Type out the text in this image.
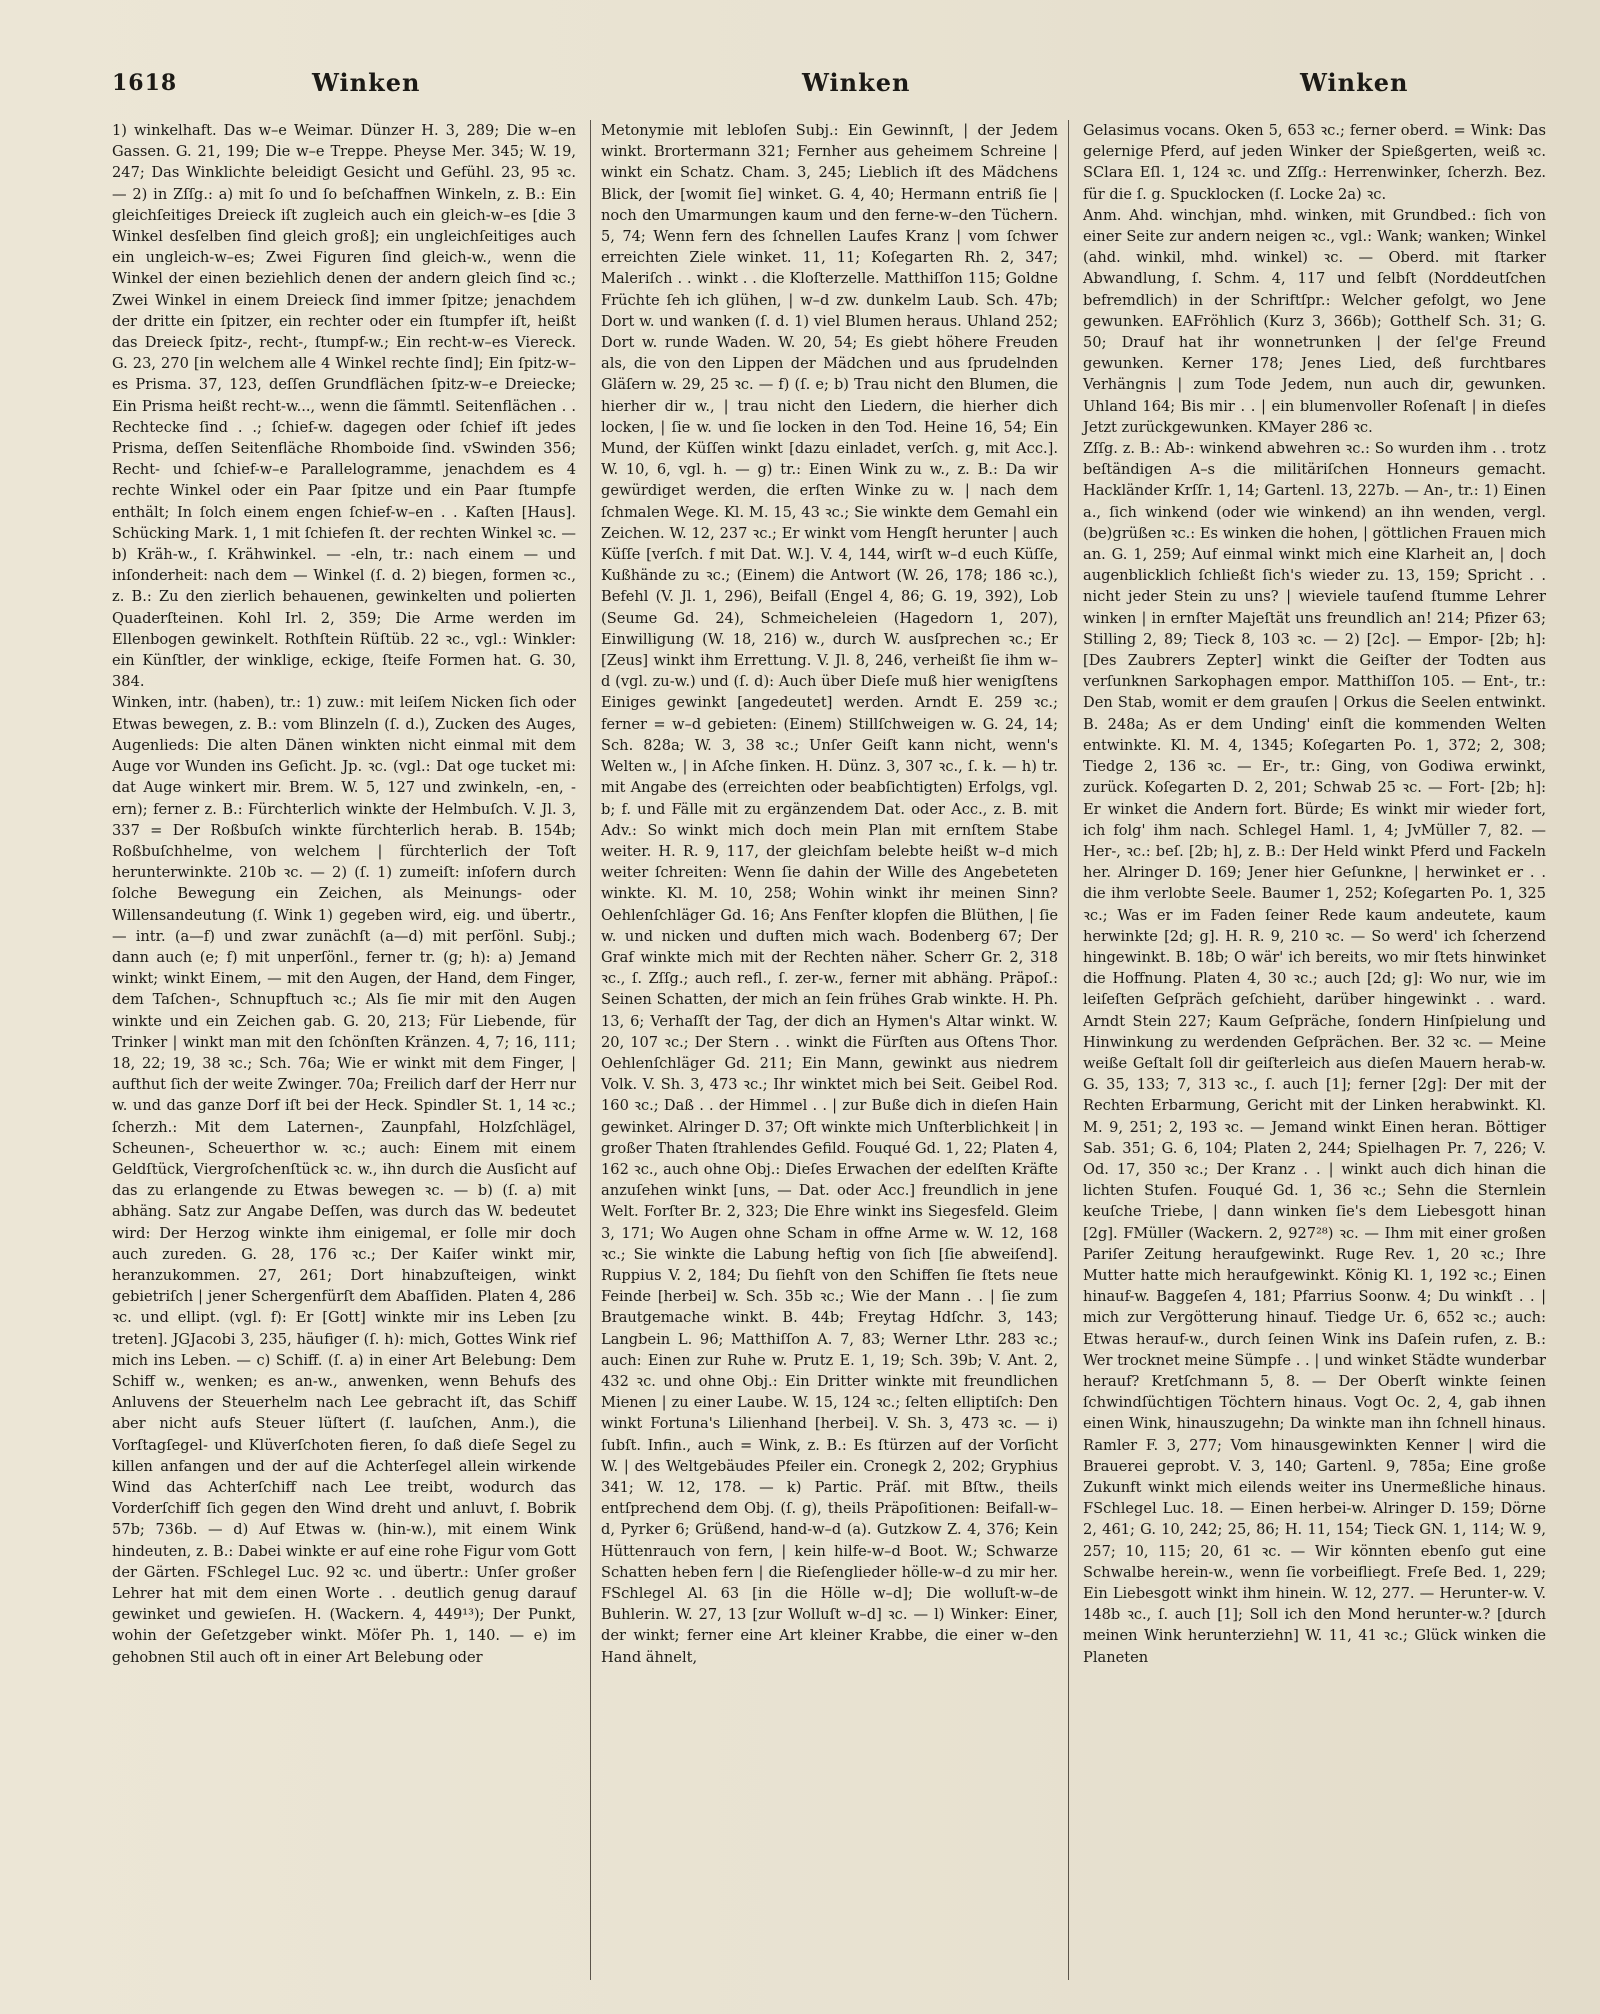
1618	Winken	Winken	Winken

1) winkelhaft. Das w–e Weimar. Dünzer H. 3, 289; Die w–en Gassen. G. 21, 199; Die w–e Treppe. Pheyse Mer. 345; W. 19, 247; Das Winklichte beleidigt Gesicht und Gefühl. 23, 95 ꝛc. — 2) in Zſſg.: a) mit ſo und ſo beſchaffnen Winkeln, z. B.: Ein gleichſeitiges Dreieck iſt zugleich auch ein gleich-w–es [die 3 Winkel desſelben ſind gleich groß]; ein ungleichſeitiges auch ein ungleich-w–es; Zwei Figuren ſind gleich-w., wenn die Winkel der einen beziehlich denen der andern gleich ſind ꝛc.; Zwei Winkel in einem Dreieck ſind immer ſpitze; jenachdem der dritte ein ſpitzer, ein rechter oder ein ſtumpfer iſt, heißt das Dreieck ſpitz-, recht-, ſtumpf-w.; Ein recht-w–es Viereck. G. 23, 270 [in welchem alle 4 Winkel rechte ſind]; Ein ſpitz-w–es Prisma. 37, 123, deſſen Grundflächen ſpitz-w–e Dreiecke; Ein Prisma heißt recht-w..., wenn die ſämmtl. Seitenflächen . . Rechtecke ſind . .; ſchief-w. dagegen oder ſchief iſt jedes Prisma, deſſen Seitenfläche Rhomboide ſind. vSwinden 356; Recht- und ſchief-w–e Parallelogramme, jenachdem es 4 rechte Winkel oder ein Paar ſpitze und ein Paar ſtumpfe enthält; In ſolch einem engen ſchief-w–en . . Kaſten [Haus]. Schücking Mark. 1, 1 mit ſchiefen ſt. der rechten Winkel ꝛc. — b) Kräh-w., ſ. Krähwinkel. — -eln, tr.: nach einem — und inſonderheit: nach dem — Winkel (ſ. d. 2) biegen, formen ꝛc., z. B.: Zu den zierlich behauenen, gewinkelten und polierten Quaderſteinen. Kohl Irl. 2, 359; Die Arme werden im Ellenbogen gewinkelt. Rothſtein Rüſtüb. 22 ꝛc., vgl.: Winkler: ein Künſtler, der winklige, eckige, ſteife Formen hat. G. 30, 384.

Winken, intr. (haben), tr.: 1) zuw.: mit leiſem Nicken ſich oder Etwas bewegen, z. B.: vom Blinzeln (ſ. d.), Zucken des Auges, Augenlieds: Die alten Dänen winkten nicht einmal mit dem Auge vor Wunden ins Geſicht. Jp. ꝛc. (vgl.: Dat oge tucket mi: dat Auge winkert mir. Brem. W. 5, 127 und zwinkeln, -en, -ern); ferner z. B.: Fürchterlich winkte der Helmbuſch. V. Jl. 3, 337 = Der Roßbuſch winkte fürchterlich herab. B. 154b; Roßbuſchhelme, von welchem | fürchterlich der Toſt herunterwinkte. 210b ꝛc. — 2) (ſ. 1) zumeiſt: inſofern durch ſolche Bewegung ein Zeichen, als Meinungs- oder Willensandeutung (ſ. Wink 1) gegeben wird, eig. und übertr., — intr. (a—f) und zwar zunächſt (a—d) mit perſönl. Subj.; dann auch (e; f) mit unperſönl., ferner tr. (g; h): a) Jemand winkt; winkt Einem, — mit den Augen, der Hand, dem Finger, dem Taſchen-, Schnupftuch ꝛc.; Als ſie mir mit den Augen winkte und ein Zeichen gab. G. 20, 213; Für Liebende, für Trinker | winkt man mit den ſchönſten Kränzen. 4, 7; 16, 111; 18, 22; 19, 38 ꝛc.; Sch. 76a; Wie er winkt mit dem Finger, | aufthut ſich der weite Zwinger. 70a; Freilich darf der Herr nur w. und das ganze Dorf iſt bei der Heck. Spindler St. 1, 14 ꝛc.; ſcherzh.: Mit dem Laternen-, Zaunpfahl, Holzſchlägel, Scheunen-, Scheuerthor w. ꝛc.; auch: Einem mit einem Geldſtück, Viergroſchenſtück ꝛc. w., ihn durch die Ausſicht auf das zu erlangende zu Etwas bewegen ꝛc. — b) (ſ. a) mit abhäng. Satz zur Angabe Deſſen, was durch das W. bedeutet wird: Der Herzog winkte ihm einigemal, er ſolle mir doch auch zureden. G. 28, 176 ꝛc.; Der Kaiſer winkt mir, heranzukommen. 27, 261; Dort hinabzuſteigen, winkt gebietriſch | jener Schergenfürſt dem Abaſſiden. Platen 4, 286 ꝛc. und ellipt. (vgl. f): Er [Gott] winkte mir ins Leben [zu treten]. JGJacobi 3, 235, häufiger (ſ. h): mich, Gottes Wink rief mich ins Leben. — c) Schiff. (ſ. a) in einer Art Belebung: Dem Schiff w., wenken; es an-w., anwenken, wenn Behufs des Anluvens der Steuerhelm nach Lee gebracht iſt, das Schiff aber nicht aufs Steuer lüſtert (ſ. lauſchen, Anm.), die Vorſtagſegel- und Klüverſchoten fieren, ſo daß dieſe Segel zu killen anfangen und der auf die Achterſegel allein wirkende Wind das Achterſchiff nach Lee treibt, wodurch das Vorderſchiff ſich gegen den Wind dreht und anluvt, ſ. Bobrik 57b; 736b. — d) Auf Etwas w. (hin-w.), mit einem Wink hindeuten, z. B.: Dabei winkte er auf eine rohe Figur vom Gott der Gärten. FSchlegel Luc. 92 ꝛc. und übertr.: Unſer großer Lehrer hat mit dem einen Worte . . deutlich genug darauf gewinket und gewieſen. H. (Wackern. 4, 449¹³); Der Punkt, wohin der Geſetzgeber winkt. Möſer Ph. 1, 140. — e) im gehobnen Stil auch oft in einer Art Belebung oder

Metonymie mit lebloſen Subj.: Ein Gewinnſt, | der Jedem winkt. Brortermann 321; Fernher aus geheimem Schreine | winkt ein Schatz. Cham. 3, 245; Lieblich iſt des Mädchens Blick, der [womit ſie] winket. G. 4, 40; Hermann entriß ſie | noch den Umarmungen kaum und den ferne-w–den Tüchern. 5, 74; Wenn fern des ſchnellen Laufes Kranz | vom ſchwer erreichten Ziele winket. 11, 11; Koſegarten Rh. 2, 347; Maleriſch . . winkt . . die Kloſterzelle. Matthiſſon 115; Goldne Früchte ſeh ich glühen, | w–d zw. dunkelm Laub. Sch. 47b; Dort w. und wanken (ſ. d. 1) viel Blumen heraus. Uhland 252; Dort w. runde Waden. W. 20, 54; Es giebt höhere Freuden als, die von den Lippen der Mädchen und aus ſprudelnden Gläſern w. 29, 25 ꝛc. — f) (ſ. e; b) Trau nicht den Blumen, die hierher dir w., | trau nicht den Liedern, die hierher dich locken, | ſie w. und ſie locken in den Tod. Heine 16, 54; Ein Mund, der Küſſen winkt [dazu einladet, verſch. g, mit Acc.]. W. 10, 6, vgl. h. — g) tr.: Einen Wink zu w., z. B.: Da wir gewürdiget werden, die erſten Winke zu w. | nach dem ſchmalen Wege. Kl. M. 15, 43 ꝛc.; Sie winkte dem Gemahl ein Zeichen. W. 12, 237 ꝛc.; Er winkt vom Hengſt herunter | auch Küſſe [verſch. f mit Dat. W.]. V. 4, 144, wirſt w–d euch Küſſe, Kußhände zu ꝛc.; (Einem) die Antwort (W. 26, 178; 186 ꝛc.), Befehl (V. Jl. 1, 296), Beifall (Engel 4, 86; G. 19, 392), Lob (Seume Gd. 24), Schmeicheleien (Hagedorn 1, 207), Einwilligung (W. 18, 216) w., durch W. ausſprechen ꝛc.; Er [Zeus] winkt ihm Errettung. V. Jl. 8, 246, verheißt ſie ihm w–d (vgl. zu-w.) und (ſ. d): Auch über Dieſe muß hier wenigſtens Einiges gewinkt [angedeutet] werden. Arndt E. 259 ꝛc.; ferner = w–d gebieten: (Einem) Stillſchweigen w. G. 24, 14; Sch. 828a; W. 3, 38 ꝛc.; Unſer Geiſt kann nicht, wenn's Welten w., | in Aſche ſinken. H. Dünz. 3, 307 ꝛc., ſ. k. — h) tr. mit Angabe des (erreichten oder beabſichtigten) Erfolgs, vgl. b; f. und Fälle mit zu ergänzendem Dat. oder Acc., z. B. mit Adv.: So winkt mich doch mein Plan mit ernſtem Stabe weiter. H. R. 9, 117, der gleichſam belebte heißt w–d mich weiter ſchreiten: Wenn ſie dahin der Wille des Angebeteten winkte. Kl. M. 10, 258; Wohin winkt ihr meinen Sinn? Oehlenſchläger Gd. 16; Ans Fenſter klopfen die Blüthen, | ſie w. und nicken und duften mich wach. Bodenberg 67; Der Graf winkte mich mit der Rechten näher. Scherr Gr. 2, 318 ꝛc., ſ. Zſſg.; auch refl., ſ. zer-w., ferner mit abhäng. Präpoſ.: Seinen Schatten, der mich an ſein frühes Grab winkte. H. Ph. 13, 6; Verhaſſt der Tag, der dich an Hymen's Altar winkt. W. 20, 107 ꝛc.; Der Stern . . winkt die Fürſten aus Oſtens Thor. Oehlenſchläger Gd. 211; Ein Mann, gewinkt aus niedrem Volk. V. Sh. 3, 473 ꝛc.; Ihr winktet mich bei Seit. Geibel Rod. 160 ꝛc.; Daß . . der Himmel . . | zur Buße dich in dieſen Hain gewinket. Alringer D. 37; Oft winkte mich Unſterblichkeit | in großer Thaten ſtrahlendes Gefild. Fouqué Gd. 1, 22; Platen 4, 162 ꝛc., auch ohne Obj.: Dieſes Erwachen der edelſten Kräfte anzuſehen winkt [uns, — Dat. oder Acc.] freundlich in jene Welt. Forſter Br. 2, 323; Die Ehre winkt ins Siegesfeld. Gleim 3, 171; Wo Augen ohne Scham in offne Arme w. W. 12, 168 ꝛc.; Sie winkte die Labung heftig von ſich [ſie abweiſend]. Ruppius V. 2, 184; Du ſiehſt von den Schiffen ſie ſtets neue Feinde [herbei] w. Sch. 35b ꝛc.; Wie der Mann . . | ſie zum Brautgemache winkt. B. 44b; Freytag Hdſchr. 3, 143; Langbein L. 96; Matthiſſon A. 7, 83; Werner Lthr. 283 ꝛc.; auch: Einen zur Ruhe w. Prutz E. 1, 19; Sch. 39b; V. Ant. 2, 432 ꝛc. und ohne Obj.: Ein Dritter winkte mit freundlichen Mienen | zu einer Laube. W. 15, 124 ꝛc.; ſelten elliptiſch: Den winkt Fortuna's Lilienhand [herbei]. V. Sh. 3, 473 ꝛc. — i) ſubſt. Infin., auch = Wink, z. B.: Es ſtürzen auf der Vorſicht W. | des Weltgebäudes Pfeiler ein. Cronegk 2, 202; Gryphius 341; W. 12, 178. — k) Partic. Präſ. mit Bſtw., theils entſprechend dem Obj. (ſ. g), theils Präpoſitionen: Beifall-w–d, Pyrker 6; Grüßend, hand-w–d (a). Gutzkow Z. 4, 376; Kein Hüttenrauch von fern, | kein hilfe-w–d Boot. W.; Schwarze Schatten heben fern | die Rieſenglieder hölle-w–d zu mir her. FSchlegel Al. 63 [in die Hölle w–d]; Die wolluſt-w–de Buhlerin. W. 27, 13 [zur Wolluſt w–d] ꝛc. — l) Winker: Einer, der winkt; ferner eine Art kleiner Krabbe, die einer w–den Hand ähnelt,

Gelasimus vocans. Oken 5, 653 ꝛc.; ferner oberd. = Wink: Das gelernige Pferd, auf jeden Winker der Spießgerten, weiß ꝛc. SClara Eſl. 1, 124 ꝛc. und Zſſg.: Herrenwinker, ſcherzh. Bez. für die ſ. g. Spucklocken (ſ. Locke 2a) ꝛc.

Anm. Ahd. winchjan, mhd. winken, mit Grundbed.: ſich von einer Seite zur andern neigen ꝛc., vgl.: Wank; wanken; Winkel (ahd. winkil, mhd. winkel) ꝛc. — Oberd. mit ſtarker Abwandlung, ſ. Schm. 4, 117 und ſelbſt (Norddeutſchen befremdlich) in der Schriftſpr.: Welcher gefolgt, wo Jene gewunken. EAFröhlich (Kurz 3, 366b); Gotthelf Sch. 31; G. 50; Drauf hat ihr wonnetrunken | der ſel'ge Freund gewunken. Kerner 178; Jenes Lied, deß furchtbares Verhängnis | zum Tode Jedem, nun auch dir, gewunken. Uhland 164; Bis mir . . | ein blumenvoller Roſenaſt | in dieſes Jetzt zurückgewunken. KMayer 286 ꝛc.

Zſſg. z. B.: Ab-: winkend abwehren ꝛc.: So wurden ihm . . trotz beſtändigen A–s die militäriſchen Honneurs gemacht. Hackländer Krſſr. 1, 14; Gartenl. 13, 227b. — An-, tr.: 1) Einen a., ſich winkend (oder wie winkend) an ihn wenden, vergl. (be)grüßen ꝛc.: Es winken die hohen, | göttlichen Frauen mich an. G. 1, 259; Auf einmal winkt mich eine Klarheit an, | doch augenblicklich ſchließt ſich's wieder zu. 13, 159; Spricht . . nicht jeder Stein zu uns? | wieviele tauſend ſtumme Lehrer winken | in ernſter Majeſtät uns freundlich an! 214; Pfizer 63; Stilling 2, 89; Tieck 8, 103 ꝛc. — 2) [2c]. — Empor- [2b; h]: [Des Zaubrers Zepter] winkt die Geiſter der Todten aus verſunknen Sarkophagen empor. Matthiſſon 105. — Ent-, tr.: Den Stab, womit er dem grauſen | Orkus die Seelen entwinkt. B. 248a; As er dem Unding' einſt die kommenden Welten entwinkte. Kl. M. 4, 1345; Koſegarten Po. 1, 372; 2, 308; Tiedge 2, 136 ꝛc. — Er-, tr.: Ging, von Godiwa erwinkt, zurück. Koſegarten D. 2, 201; Schwab 25 ꝛc. — Fort- [2b; h]: Er winket die Andern fort. Bürde; Es winkt mir wieder fort, ich folg' ihm nach. Schlegel Haml. 1, 4; JvMüller 7, 82. — Her-, ꝛc.: beſ. [2b; h], z. B.: Der Held winkt Pferd und Fackeln her. Alringer D. 169; Jener hier Geſunkne, | herwinket er . . die ihm verlobte Seele. Baumer 1, 252; Koſegarten Po. 1, 325 ꝛc.; Was er im Faden ſeiner Rede kaum andeutete, kaum herwinkte [2d; g]. H. R. 9, 210 ꝛc. — So werd' ich ſcherzend hingewinkt. B. 18b; O wär' ich bereits, wo mir ſtets hinwinket die Hoffnung. Platen 4, 30 ꝛc.; auch [2d; g]: Wo nur, wie im leiſeſten Geſpräch geſchieht, darüber hingewinkt . . ward. Arndt Stein 227; Kaum Geſpräche, ſondern Hinſpielung und Hinwinkung zu werdenden Geſprächen. Ber. 32 ꝛc. — Meine weiße Geſtalt ſoll dir geiſterleich aus dieſen Mauern herab-w. G. 35, 133; 7, 313 ꝛc., ſ. auch [1]; ferner [2g]: Der mit der Rechten Erbarmung, Gericht mit der Linken herabwinkt. Kl. M. 9, 251; 2, 193 ꝛc. — Jemand winkt Einen heran. Böttiger Sab. 351; G. 6, 104; Platen 2, 244; Spielhagen Pr. 7, 226; V. Od. 17, 350 ꝛc.; Der Kranz . . | winkt auch dich hinan die lichten Stufen. Fouqué Gd. 1, 36 ꝛc.; Sehn die Sternlein keuſche Triebe, | dann winken ſie's dem Liebesgott hinan [2g]. FMüller (Wackern. 2, 927²⁸) ꝛc. — Ihm mit einer großen Pariſer Zeitung heraufgewinkt. Ruge Rev. 1, 20 ꝛc.; Ihre Mutter hatte mich heraufgewinkt. König Kl. 1, 192 ꝛc.; Einen hinauf-w. Baggeſen 4, 181; Pfarrius Soonw. 4; Du winkſt . . | mich zur Vergötterung hinauf. Tiedge Ur. 6, 652 ꝛc.; auch: Etwas herauf-w., durch ſeinen Wink ins Daſein rufen, z. B.: Wer trocknet meine Sümpfe . . | und winket Städte wunderbar herauf? Kretſchmann 5, 8. — Der Oberſt winkte ſeinen ſchwindſüchtigen Töchtern hinaus. Vogt Oc. 2, 4, gab ihnen einen Wink, hinauszugehn; Da winkte man ihn ſchnell hinaus. Ramler F. 3, 277; Vom hinausgewinkten Kenner | wird die Brauerei geprobt. V. 3, 140; Gartenl. 9, 785a; Eine große Zukunft winkt mich eilends weiter ins Unermeßliche hinaus. FSchlegel Luc. 18. — Einen herbei-w. Alringer D. 159; Dörne 2, 461; G. 10, 242; 25, 86; H. 11, 154; Tieck GN. 1, 114; W. 9, 257; 10, 115; 20, 61 ꝛc. — Wir könnten ebenſo gut eine Schwalbe herein-w., wenn ſie vorbeifliegt. Freſe Bed. 1, 229; Ein Liebesgott winkt ihm hinein. W. 12, 277. — Herunter-w. V. 148b ꝛc., ſ. auch [1]; Soll ich den Mond herunter-w.? [durch meinen Wink herunterziehn] W. 11, 41 ꝛc.; Glück winken die Planeten
